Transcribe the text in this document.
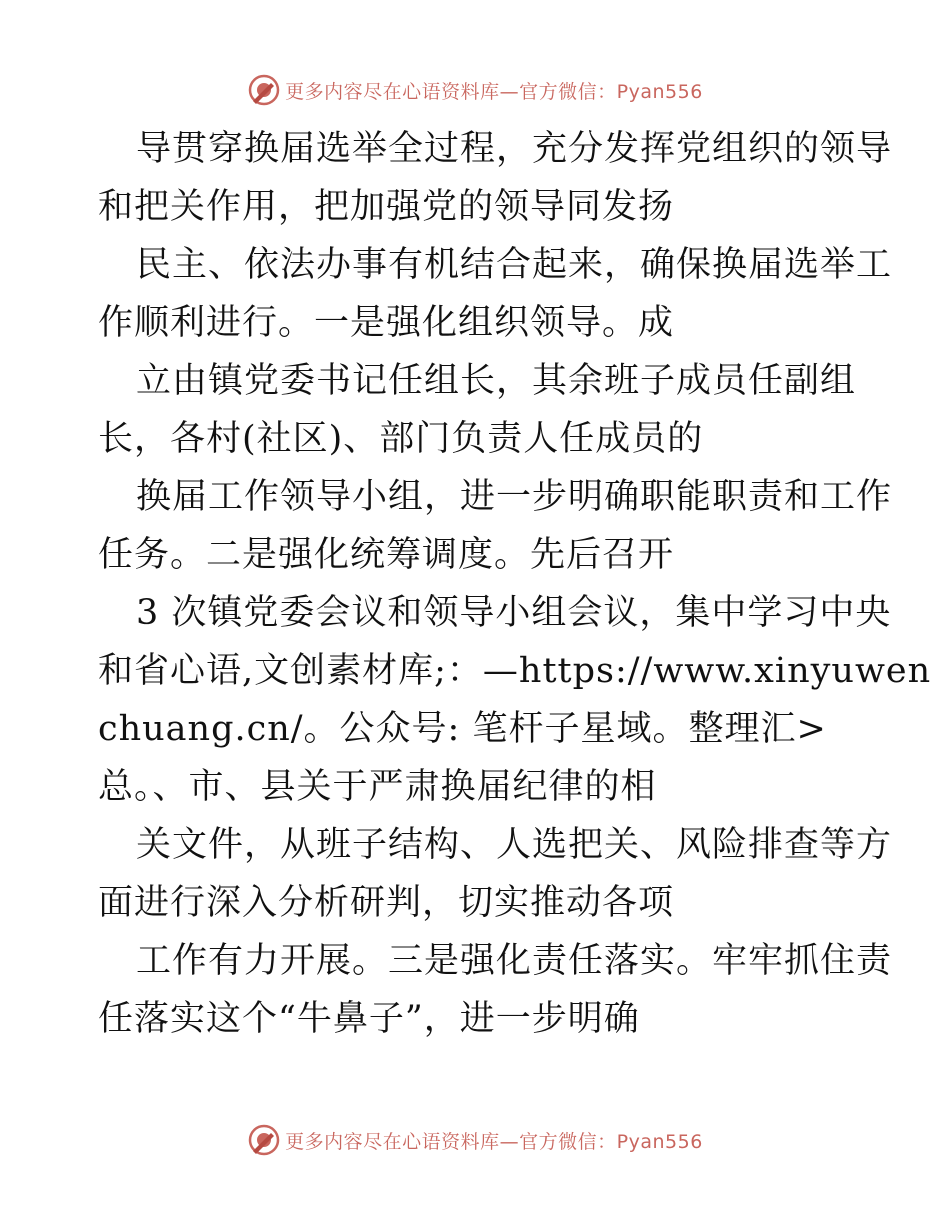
更多内容尽在心语资料库—官方微信：Pyan556
导贯穿换届选举全过程，充分发挥党组织的领导
和把关作用，把加强党的领导同发扬
民主、依法办事有机结合起来，确保换届选举工
作顺利进行。一是强化组织领导。成
立由镇党委书记任组长，其余班子成员任副组
长，各村(社区)、部门负责人任成员的
换届工作领导小组，进一步明确职能职责和工作
任务。二是强化统筹调度。先后召开
3 次镇党委会议和领导小组会议，集中学习中央
和省心语,文创素材库;：—https://www.xinyuwen
chuang.cn/。公众号: 笔杆子星域。整理汇>
总。、市、县关于严肃换届纪律的相
关文件，从班子结构、人选把关、风险排查等方
面进行深入分析研判，切实推动各项
工作有力开展。三是强化责任落实。牢牢抓住责
任落实这个“牛鼻子”，进一步明确
更多内容尽在心语资料库—官方微信：Pyan556
